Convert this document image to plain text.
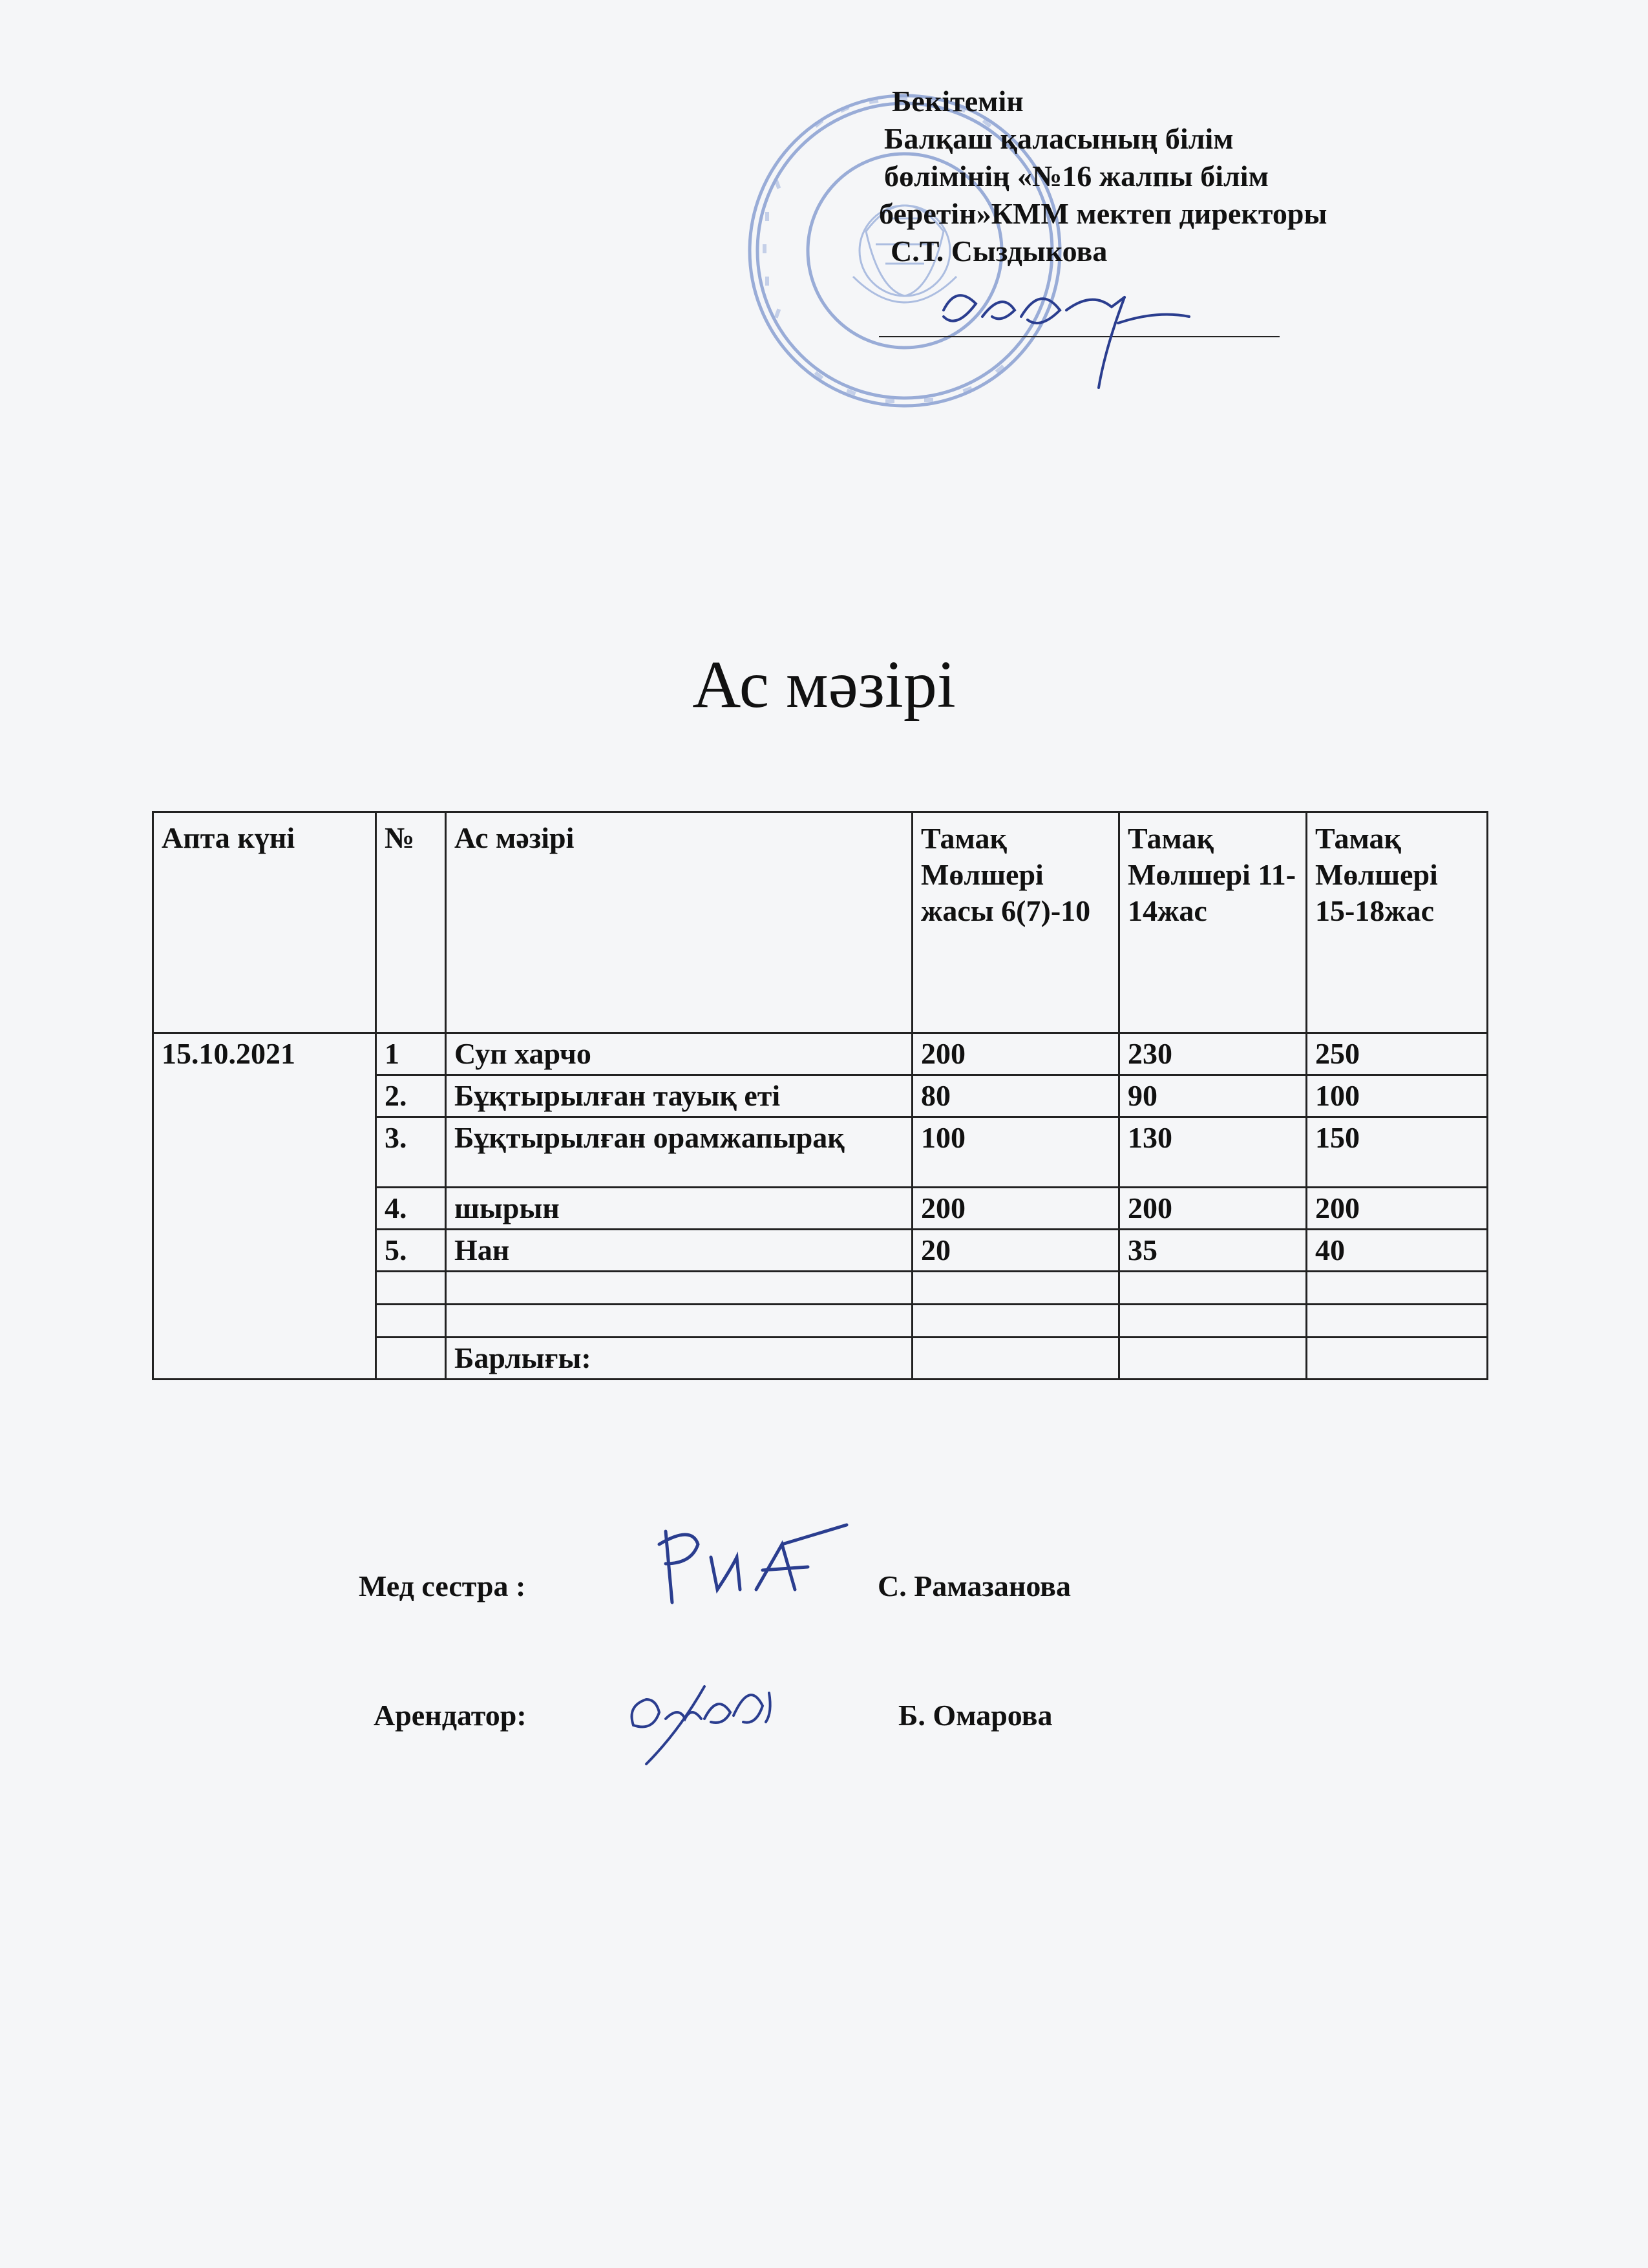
Бекітемін
Балқаш қаласының білім
бөлімінің «№16 жалпы білім
беретін»КММ мектеп директоры
С.Т. Сыздыкова
Ас мәзірі
Апта күні	№	Ас мәзірі	Тамақ Мөлшері жасы 6(7)-10	Тамақ Мөлшері 11-14жас	Тамақ Мөлшері 15-18жас
15.10.2021	1	Суп харчо	200	230	250
	2.	Бұқтырылған тауық еті	80	90	100
	3.	Бұқтырылған орамжапырақ	100	130	150
	4.	шырын	200	200	200
	5.	Нан	20	35	40

		Барлығы:			
Мед сестра :	С. Рамазанова
Арендатор:	Б. Омарова
